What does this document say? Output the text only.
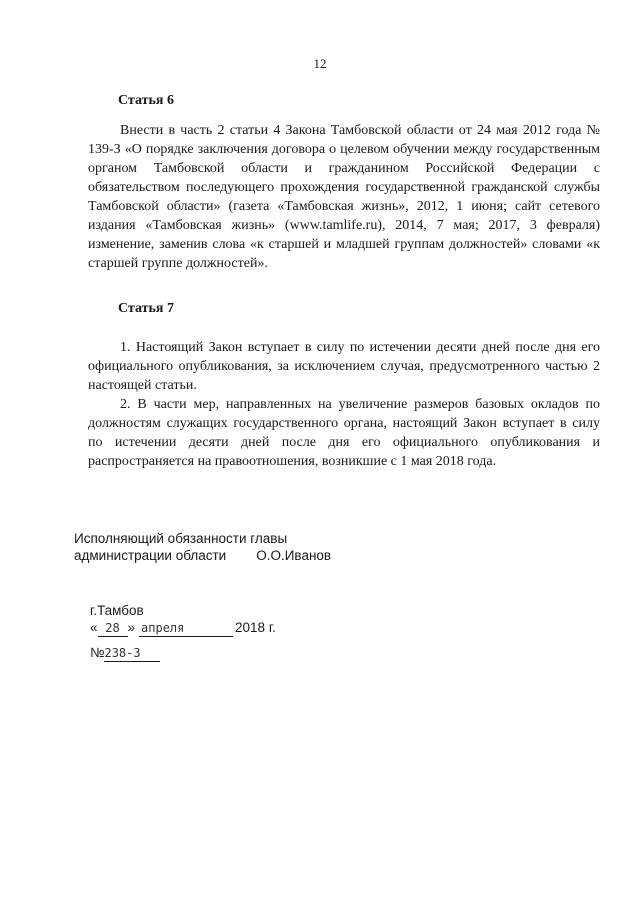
12
Статья 6

Внести в часть 2 статьи 4 Закона Тамбовской области от 24 мая 2012 года № 139-З «О порядке заключения договора о целевом обучении между государственным органом Тамбовской области и гражданином Российской Федерации с обязательством последующего прохождения государственной гражданской службы Тамбовской области» (газета «Тамбовская жизнь», 2012, 1 июня; сайт сетевого издания «Тамбовская жизнь» (www.tamlife.ru), 2014, 7 мая; 2017, 3 февраля) изменение, заменив слова «к старшей и младшей группам должностей» словами «к старшей группе должностей».

Статья 7

1. Настоящий Закон вступает в силу по истечении десяти дней после дня его официального опубликования, за исключением случая, предусмотренного частью 2 настоящей статьи.

2. В части мер, направленных на увеличение размеров базовых окладов по должностям служащих государственного органа, настоящий Закон вступает в силу по истечении десяти дней после дня его официального опубликования и распространяется на правоотношения, возникшие с 1 мая 2018 года.

Исполняющий обязанности главы
администрации области О.О.Иванов
г.Тамбов
« 28 » апреля	2018 г.
№238-З
